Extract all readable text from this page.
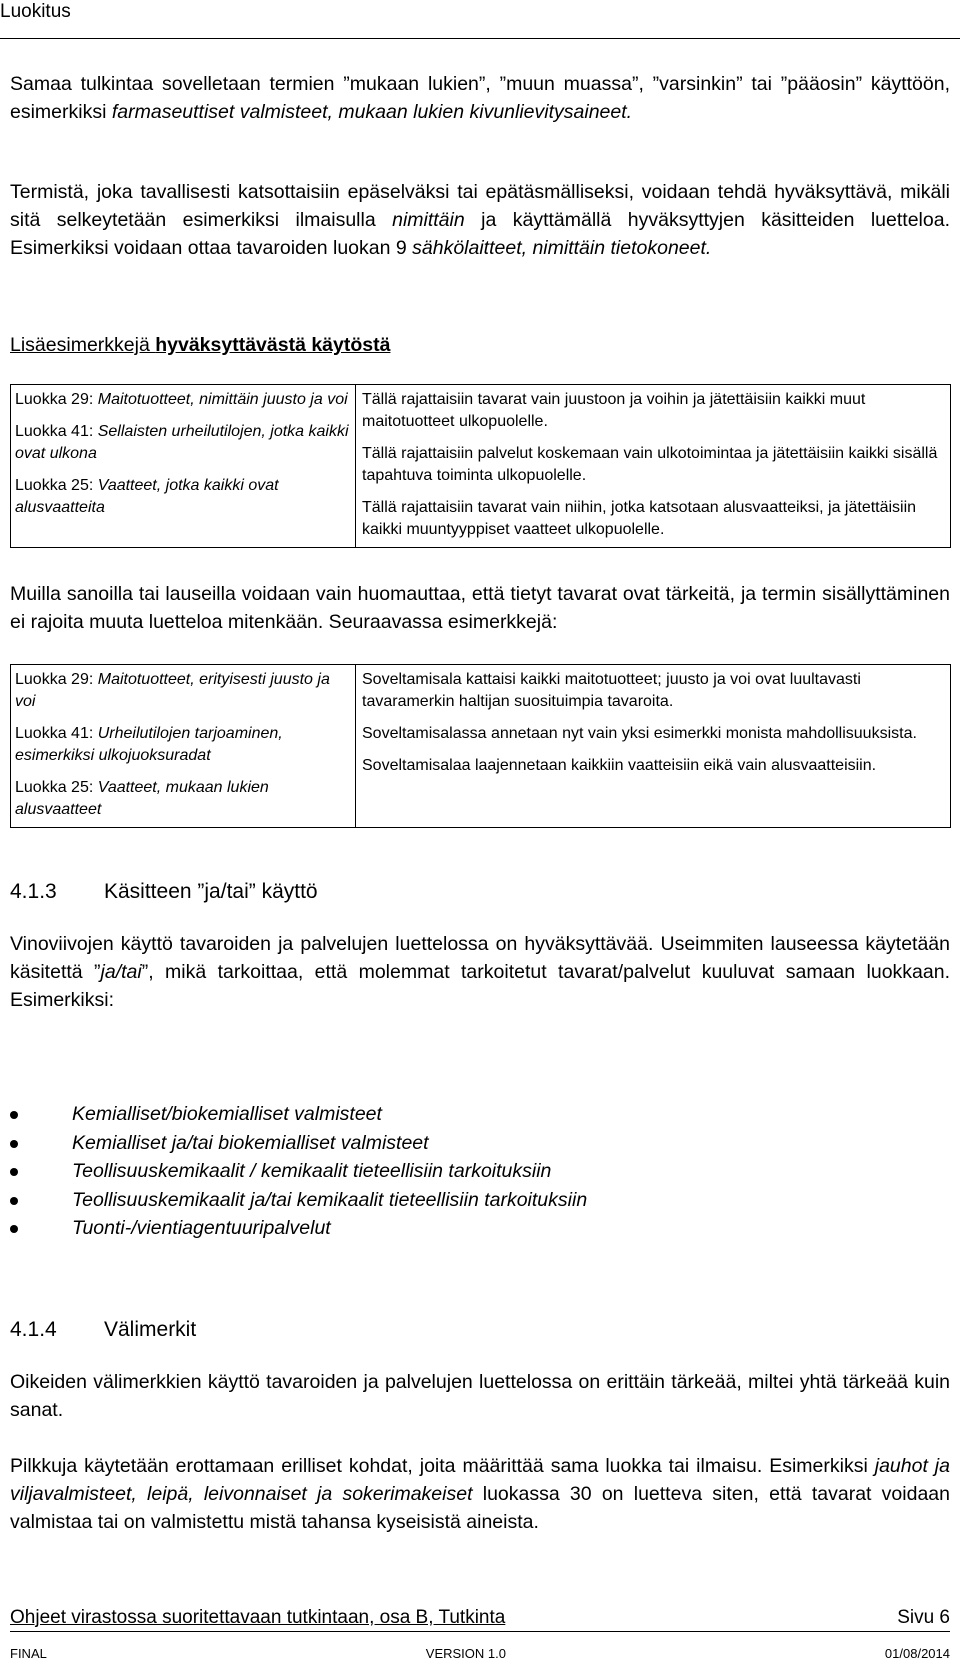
Luokitus

Samaa tulkintaa sovelletaan termien ”mukaan lukien”, ”muun muassa”, ”varsinkin” tai ”pääosin” käyttöön, esimerkiksi farmaseuttiset valmisteet, mukaan lukien kivunlievitysaineet.

Termistä, joka tavallisesti katsottaisiin epäselväksi tai epätäsmälliseksi, voidaan tehdä hyväksyttävä, mikäli sitä selkeytetään esimerkiksi ilmaisulla nimittäin ja käyttämällä hyväksyttyjen käsitteiden luetteloa. Esimerkiksi voidaan ottaa tavaroiden luokan 9 sähkölaitteet, nimittäin tietokoneet.

Lisäesimerkkejä hyväksyttävästä käytöstä
Luokka 29: Maitotuotteet, nimittäin juusto ja voi
Luokka 41: Sellaisten urheilutilojen, jotka kaikki ovat ulkona
Luokka 25: Vaatteet, jotka kaikki ovat alusvaatteita

Tällä rajattaisiin tavarat vain juustoon ja voihin ja jätettäisiin kaikki muut maitotuotteet ulkopuolelle.
Tällä rajattaisiin palvelut koskemaan vain ulkotoimintaa ja jätettäisiin kaikki sisällä tapahtuva toiminta ulkopuolelle.
Tällä rajattaisiin tavarat vain niihin, jotka katsotaan alusvaatteiksi, ja jätettäisiin kaikki muuntyyppiset vaatteet ulkopuolelle.

Muilla sanoilla tai lauseilla voidaan vain huomauttaa, että tietyt tavarat ovat tärkeitä, ja termin sisällyttäminen ei rajoita muuta luetteloa mitenkään. Seuraavassa esimerkkejä:

Luokka 29: Maitotuotteet, erityisesti juusto ja voi
Luokka 41: Urheilutilojen tarjoaminen, esimerkiksi ulkojuoksuradat
Luokka 25: Vaatteet, mukaan lukien alusvaatteet

Soveltamisala kattaisi kaikki maitotuotteet; juusto ja voi ovat luultavasti tavaramerkin haltijan suosituimpia tavaroita.
Soveltamisalassa annetaan nyt vain yksi esimerkki monista mahdollisuuksista.
Soveltamisalaa laajennetaan kaikkiin vaatteisiin eikä vain alusvaatteisiin.
4.1.3 Käsitteen ”ja/tai” käyttö

Vinoviivojen käyttö tavaroiden ja palvelujen luettelossa on hyväksyttävää. Useimmiten lauseessa käytetään käsitettä ”ja/tai”, mikä tarkoittaa, että molemmat tarkoitetut tavarat/palvelut kuuluvat samaan luokkaan. Esimerkiksi:

Kemialliset/biokemialliset valmisteet
Kemialliset ja/tai biokemialliset valmisteet
Teollisuuskemikaalit / kemikaalit tieteellisiin tarkoituksiin
Teollisuuskemikaalit ja/tai kemikaalit tieteellisiin tarkoituksiin
Tuonti-/vientiagentuuripalvelut
4.1.4 Välimerkit

Oikeiden välimerkkien käyttö tavaroiden ja palvelujen luettelossa on erittäin tärkeää, miltei yhtä tärkeää kuin sanat.

Pilkkuja käytetään erottamaan erilliset kohdat, joita määrittää sama luokka tai ilmaisu. Esimerkiksi jauhot ja viljavalmisteet, leipä, leivonnaiset ja sokerimakeiset luokassa 30 on luetteva siten, että tavarat voidaan valmistaa tai on valmistettu mistä tahansa kyseisistä aineista.

Ohjeet virastossa suoritettavaan tutkintaan, osa B, Tutkinta	Sivu 6
FINAL	VERSION 1.0	01/08/2014
